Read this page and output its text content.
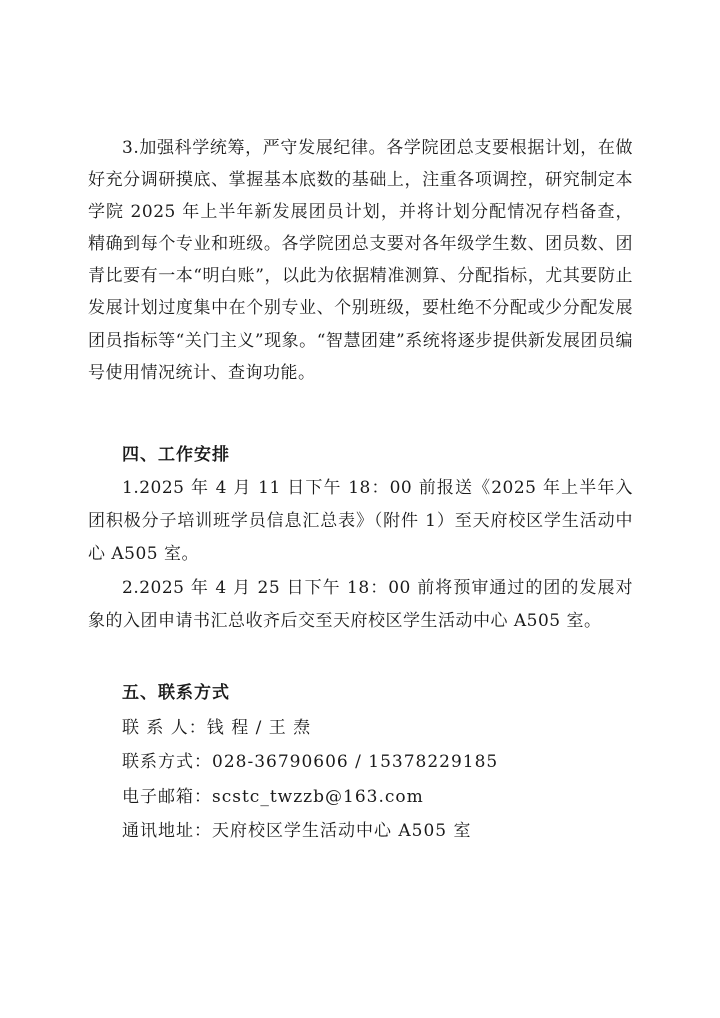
3.加强科学统筹，严守发展纪律。各学院团总支要根据计划，在做好充分调研摸底、掌握基本底数的基础上，注重各项调控，研究制定本学院 2025 年上半年新发展团员计划，并将计划分配情况存档备查，精确到每个专业和班级。各学院团总支要对各年级学生数、团员数、团青比要有一本“明白账”，以此为依据精准测算、分配指标，尤其要防止发展计划过度集中在个别专业、个别班级，要杜绝不分配或少分配发展团员指标等“关门主义”现象。“智慧团建”系统将逐步提供新发展团员编号使用情况统计、查询功能。

四、工作安排

1.2025 年 4 月 11 日下午 18：00 前报送《2025 年上半年入团积极分子培训班学员信息汇总表》（附件 1）至天府校区学生活动中心 A505 室。

2.2025 年 4 月 25 日下午 18：00 前将预审通过的团的发展对象的入团申请书汇总收齐后交至天府校区学生活动中心 A505 室。

五、联系方式
联 系 人：钱 程 / 王 焘
联系方式：028-36790606 / 15378229185
电子邮箱：scstc_twzzb@163.com
通讯地址：天府校区学生活动中心 A505 室
